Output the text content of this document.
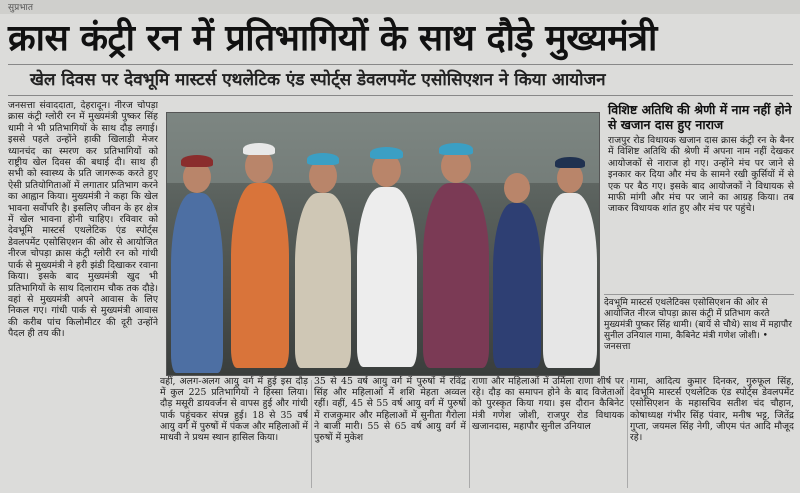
सुप्रभात
क्रास कंट्री रन में प्रतिभागियों के साथ दौड़े मुख्यमंत्री
खेल दिवस पर देवभूमि मास्टर्स एथलेटिक एंड स्पोर्ट्स डेवलपमेंट एसोसिएशन ने किया आयोजन

जनसत्ता संवाददाता, देहरादून। नीरज चोपड़ा क्रास कंट्री ग्लोरी रन में मुख्यमंत्री पुष्कर सिंह धामी ने भी प्रतिभागियों के साथ दौड़ लगाई। इससे पहले उन्होंने हाकी खिलाड़ी मेजर ध्यानचंद का स्मरण कर प्रतिभागियों को राष्ट्रीय खेल दिवस की बधाई दी। साथ ही सभी को स्वास्थ्य के प्रति जागरूक करते हुए ऐसी प्रतियोगिताओं में लगातार प्रतिभाग करने का आह्वान किया। मुख्यमंत्री ने कहा कि खेल भावना सर्वोपरि है। इसलिए जीवन के हर क्षेत्र में खेल भावना होनी चाहिए। रविवार को देवभूमि मास्टर्स एथलेटिक एंड स्पोर्ट्स डेवलपमेंट एसोसिएशन की ओर से आयोजित नीरज चोपड़ा क्रास कंट्री ग्लोरी रन को गांधी पार्क से मुख्यमंत्री ने हरी झंडी दिखाकर रवाना किया। इसके बाद मुख्यमंत्री खुद भी प्रतिभागियों के साथ दिलाराम चौक तक दौड़े। वहां से मुख्यमंत्री अपने आवास के लिए निकल गए। गांधी पार्क से मुख्यमंत्री आवास की करीब पांच किलोमीटर की दूरी उन्होंने पैदल ही तय की।

विशिष्ट अतिथि की श्रेणी में नाम नहीं होने से खजान दास हुए नाराज
राजपुर रोड विधायक खजान दास क्रास कंट्री रन के बैनर में विशिष्ट अतिथि की श्रेणी में अपना नाम नहीं देखकर आयोजकों से नाराज हो गए। उन्होंने मंच पर जाने से इनकार कर दिया और मंच के सामने रखी कुर्सियों में से एक पर बैठ गए। इसके बाद आयोजकों ने विधायक से माफी मांगी और मंच पर जाने का आग्रह किया। तब जाकर विधायक शांत हुए और मंच पर पहुंचे।
देवभूमि मास्टर्स एथलेटिक्स एसोसिएशन की ओर से आयोजित नीरज चोपड़ा क्रास कंट्री में प्रतिभाग करते मुख्यमंत्री पुष्कर सिंह धामी। (बायें से चौथे) साथ में महापौर सुनील उनियाल गामा, कैबिनेट मंत्री गणेश जोशी। • जनसत्ता
वहीं, अलग-अलग आयु वर्ग में हुई इस दौड़ में कुल 225 प्रतिभागियों ने हिस्सा लिया। दौड़ मसूरी डायवर्जन से वापस हुई और गांधी पार्क पहुंचकर संपन्न हुई। 18 से 35 वर्ष आयु वर्ग में पुरुषों में पंकज और महिलाओं में माधवी ने प्रथम स्थान हासिल किया।
35 से 45 वर्ष आयु वर्ग में पुरुषों में रविंद्र सिंह और महिलाओं में शशि मेहता अव्वल रहीं। वहीं, 45 से 55 वर्ष आयु वर्ग में पुरुषों में राजकुमार और महिलाओं में सुनीता गैरोला ने बाजी मारी। 55 से 65 वर्ष आयु वर्ग में पुरुषों में मुकेश
राणा और महिलाओं में उर्मिला राणा शीर्ष पर रहे। दौड़ का समापन होने के बाद विजेताओं को पुरस्कृत किया गया। इस दौरान कैबिनेट मंत्री गणेश जोशी, राजपुर रोड विधायक खजानदास, महापौर सुनील उनियाल
गामा, आदित्य कुमार दिनकर, गुरुफूल सिंह, देवभूमि मास्टर्स एथलेटिक एंड स्पोर्ट्स डेवलपमेंट एसोसिएशन के महासचिव सतीश चंद चौहान, कोषाध्यक्ष गंभीर सिंह पंवार, मनीष भट्ट, जितेंद्र गुप्ता, जयमल सिंह नेगी, जीएम पंत आदि मौजूद रहे।
